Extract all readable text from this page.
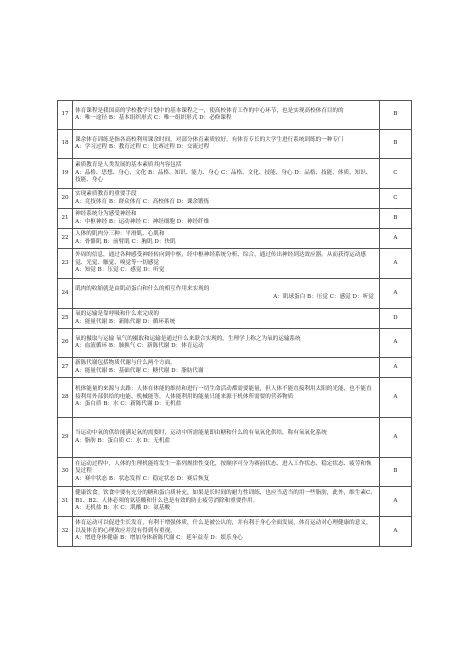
17	体育课程是我国高的学校教学计划中的基本课程之一，使高校体育工作的中心环节，也是实现高校体育目的的
A：唯一途径 B：基本组织形式 C：唯一组织形式 D：必修课程	B
18	课余体育训练是指各高校利用课余时间，对部分体育素质较好，有体育专长的大学生进行系统训练的一种专门
A：学习过程 B：教育过程 C：比赛过程 D：交流过程	B
19	素质教育是人类发展的基本素质其内容包括
A：品格、思想、身心、文化 B：品格、知识、能力、身心 C：品格、文化、技能、身心 D：品格、技能、体质、知识、技能、身心	C
20	实现素质教育的重要手段
A：竞技体育 B：群众体育 C：高校体育 D：课余锻炼	C
21	神经系统分为感受神经和
A：中枢神经 B：运动神经 C：神经细胞 D：神经纤维	B
22	人体的肌肉分三种：平滑肌、心肌和
A：骨骼肌 B：前臂肌 C：胸肌 D：快肌	A
23	外周的信息，通过各种感受神经转向到中枢，经中枢神经系统分析、综合，通过传出神经到达效应器。从而获得运动感觉、光觉、触觉、嗅觉等一切感觉
A：知觉 B：压觉 C：感觉 D：听觉	A
24	肌肉的收缩就是由肌动蛋白和什么的相互作用来实现的
A：肌球蛋白 B：压觉 C：感觉 D：听觉	A
25	氧的运输是靠呼吸和什么来完成的
A：能量代谢 B：新陈代谢 D：循环系统	D
26	氧的摄取与运输 氧气的摄取和运输是通过什么来联合实现的，生理学上称之为氧的运输系统
A：血液循环 B：肺换气 C：新陈代谢 D：体育运动	A
27	新陈代谢包括物质代谢与什么两个方面。
A：能量代谢 B：基础代谢 C：糖代谢 D：脂肪代谢	A
28	机体能量的来源与去路：人体在体能的维持和进行一切生命活动都需要能量，但人体不能直接利用太阳的光能，也不能直接利用外部供给的电能、机械能等，人体能利用的能量只能来源于机体所需要的营养物质
A：蛋白质 B：水 C：新陈代谢 D：无机盐	A
29	当运动中氧的供给能满足氧的需要时，运动中所需能量即由糖和什么的有氧氧化供给，称有氧氧化系统
A：脂肪 B：蛋白质 C：水 D：无机盐	A
30	在运动过程中，人体的生理机能将发生一系列规律性变化，按顺序可分为赛前状态、进入工作状态、稳定状态、疲劳和恢复过程
A：赛中状态 B：状态发挥 C：稳定状态 D：赛后恢复	B
31	健康饮食。饮食中要有充分的糖和蛋白质补充，如果是长时间的耐力性训练，也应当适当的用一些脂肪，此外，维生素C、B1、B2、人体必须的氨基酸和什么也是有效的防止疲劳消除和重要作用。
A：无机盐 B：水 C：肌酸 D：氨基酸	A
32	体育运动可以促进生长发育，有利于增强体质，什么是被公认的，并有利于身心全面发展，体育运动对心理健康的意义，以及体育的心理效应并没有得到有重视。
A：增进身体健康 B：增加身体新陈代谢 C：延年益寿 D：娱乐身心	A
